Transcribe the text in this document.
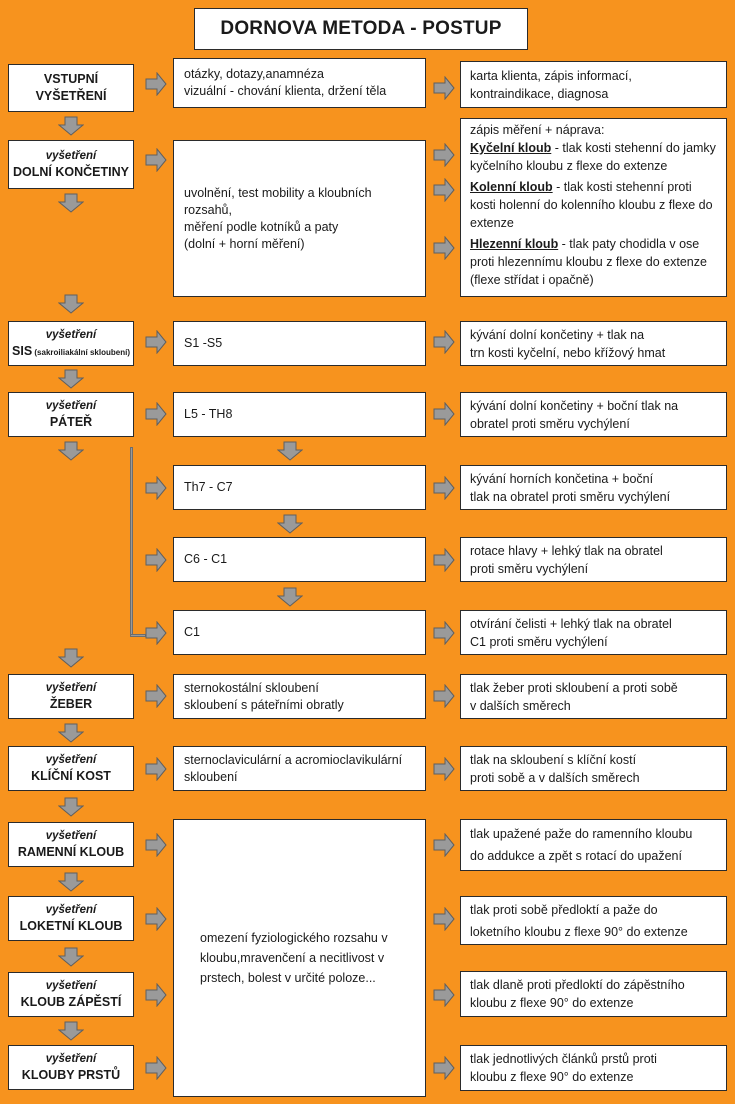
DORNOVA METODA - POSTUP
VSTUPNÍ
VYŠETŘENÍ
otázky, dotazy,anamnéza
vizuální - chování klienta, držení těla
karta klienta, zápis informací,
kontraindikace, diagnosa
vyšetření
DOLNÍ KONČETINY
uvolnění, test mobility a kloubních
rozsahů,
měření podle kotníků a paty
(dolní + horní měření)
zápis měření + náprava:
Kyčelní kloub - tlak kosti stehenní do jamky kyčelního kloubu z flexe do extenze
Kolenní kloub - tlak kosti stehenní proti kosti holenní do kolenního kloubu z flexe do extenze
Hlezenní kloub - tlak paty chodidla v ose proti hlezennímu kloubu z flexe do extenze (flexe střídat i opačně)
vyšetření
SIS (sakroiliakální skloubení)
S1 -S5
kývání dolní končetiny + tlak na
trn kosti kyčelní, nebo křížový hmat
vyšetření
PÁTEŘ
L5 - TH8
kývání dolní končetiny + boční tlak na
obratel proti směru vychýlení
Th7 - C7
kývání horních končetina + boční
tlak na obratel proti směru vychýlení
C6 - C1
rotace hlavy + lehký tlak na obratel
proti směru vychýlení
C1
otvírání čelisti + lehký tlak na obratel
C1 proti směru vychýlení
vyšetření
ŽEBER
sternokostální skloubení
skloubení s páteřními obratly
tlak žeber proti skloubení a proti sobě
v dalších směrech
vyšetření
KLÍČNÍ KOST
sternoclaviculární a acromioclavikulární
skloubení
tlak na skloubení s klíční kostí
proti sobě a v dalších směrech
omezení fyziologického rozsahu v
kloubu,mravenčení a necitlivost v
prstech, bolest v určité poloze...
vyšetření
RAMENNÍ KLOUB
tlak upažené paže do ramenního kloubu
do addukce a zpět s rotací do upažení
vyšetření
LOKETNÍ KLOUB
tlak proti sobě předloktí a paže do
loketního kloubu z flexe 90° do extenze
vyšetření
KLOUB ZÁPĚSTÍ
tlak dlaně proti předloktí do zápěstního
kloubu z flexe 90° do extenze
vyšetření
KLOUBY PRSTŮ
tlak jednotlivých článků prstů proti
kloubu z flexe 90° do extenze
